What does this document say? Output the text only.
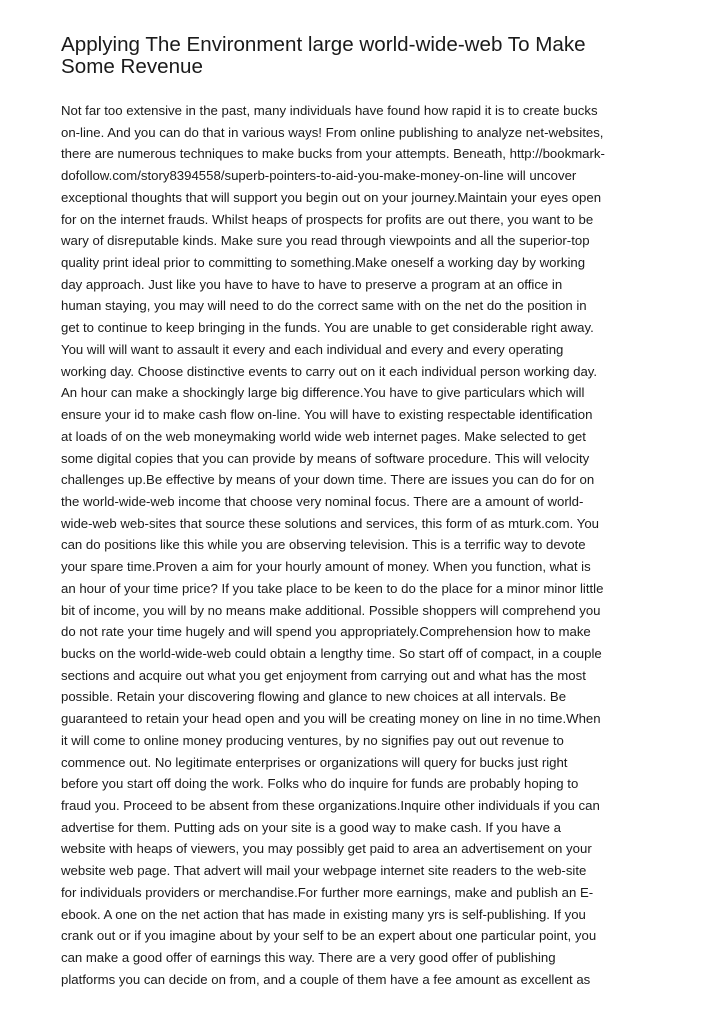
Applying The Environment large world-wide-web To Make
Some Revenue

Not far too extensive in the past, many individuals have found how rapid it is to create bucks
on-line. And you can do that in various ways! From online publishing to analyze net-websites,
there are numerous techniques to make bucks from your attempts. Beneath, http://bookmark-
dofollow.com/story8394558/superb-pointers-to-aid-you-make-money-on-line will uncover
exceptional thoughts that will support you begin out on your journey.Maintain your eyes open
for on the internet frauds. Whilst heaps of prospects for profits are out there, you want to be
wary of disreputable kinds. Make sure you read through viewpoints and all the superior-top
quality print ideal prior to committing to something.Make oneself a working day by working
day approach. Just like you have to have to have to preserve a program at an office in
human staying, you may will need to do the correct same with on the net do the position in
get to continue to keep bringing in the funds. You are unable to get considerable right away.
You will will want to assault it every and each individual and every and every operating
working day. Choose distinctive events to carry out on it each individual person working day.
An hour can make a shockingly large big difference.You have to give particulars which will
ensure your id to make cash flow on-line. You will have to existing respectable identification
at loads of on the web moneymaking world wide web internet pages. Make selected to get
some digital copies that you can provide by means of software procedure. This will velocity
challenges up.Be effective by means of your down time. There are issues you can do for on
the world-wide-web income that choose very nominal focus. There are a amount of world-
wide-web web-sites that source these solutions and services, this form of as mturk.com. You
can do positions like this while you are observing television. This is a terrific way to devote
your spare time.Proven a aim for your hourly amount of money. When you function, what is
an hour of your time price? If you take place to be keen to do the place for a minor minor little
bit of income, you will by no means make additional. Possible shoppers will comprehend you
do not rate your time hugely and will spend you appropriately.Comprehension how to make
bucks on the world-wide-web could obtain a lengthy time. So start off of compact, in a couple
sections and acquire out what you get enjoyment from carrying out and what has the most
possible. Retain your discovering flowing and glance to new choices at all intervals. Be
guaranteed to retain your head open and you will be creating money on line in no time.When
it will come to online money producing ventures, by no signifies pay out out revenue to
commence out. No legitimate enterprises or organizations will query for bucks just right
before you start off doing the work. Folks who do inquire for funds are probably hoping to
fraud you. Proceed to be absent from these organizations.Inquire other individuals if you can
advertise for them. Putting ads on your site is a good way to make cash. If you have a
website with heaps of viewers, you may possibly get paid to area an advertisement on your
website web page. That advert will mail your webpage internet site readers to the web-site
for individuals providers or merchandise.For further more earnings, make and publish an E-
ebook. A one on the net action that has made in existing many yrs is self-publishing. If you
crank out or if you imagine about by your self to be an expert about one particular point, you
can make a good offer of earnings this way. There are a very good offer of publishing
platforms you can decide on from, and a couple of them have a fee amount as excellent as
